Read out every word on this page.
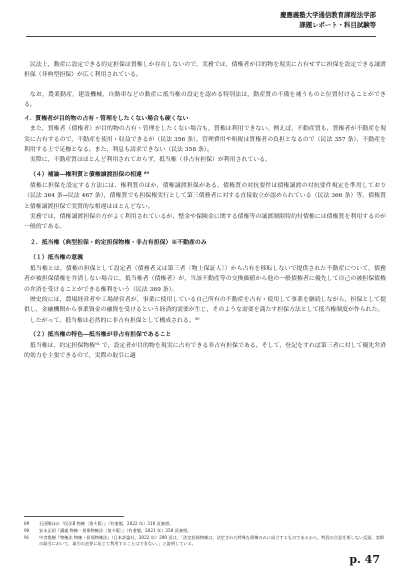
慶應義塾大学通信教育課程法学部
課題レポート・科目試験等

民法上，動産に設定できる約定担保は質権しか存在しないので，実務では，債権者が目的物を現実に占有せずに担保を設定できる譲渡担保（非典型担保）が広く利用されている。

なお，農業動産，建設機械，自動車などの動産に抵当権の設定を認める特別法は，動産質の不備を補うものと位置付けることができる。

イ．質権者が目的物の占有・管理をしたくない場合も硬くない

また，質権者（債権者）が目的物の占有・管理をしたくない場合も，質権は利用できない。例えば，不動産質も，質権者が不動産を現実に占有するので，不動産を使用・収益できるが（民法 356 条），管理費用や租税は質権者の負担となるので（民法 357 条），不動産を利用する上で足枷となる。また，利息も請求できない（民法 358 条）。

実際に，不動産質はほとんど利用されておらず，抵当権（非占有担保）が利用されている。

（４）補論―権利質と債権譲渡担保の相違 ⁸⁹

債権に担保を設定する方法には，権利質のほか，債権譲渡担保がある。債権質の対抗要件は債権譲渡の対抗要件規定を準用しており（民法 364 条→民法 467 条），債権質でも担保権実行として第三債務者に対する直接取立が認められている（民法 366 条）等，債権質と債権譲渡担保で実質的な相違はほとんどない。

実務では，債権譲渡担保の方がよく利用されているが，整金や保険金に関する債権等の譲渡制限特約付債権には債権質を利用するのが一般的である。

２．抵当権（典型担保・約定担保物権・非占有担保）※不動産のみ

（１）抵当権の意義

抵当権とは，債権の担保として設定者（債務者又は第三者〔物上保証人〕）から占有を移転しないで提供された不動産について，債務者が被担保債権を弁済しない場合に，抵当権者（債権者）が，当該不動産等の交換価値から他の一般債権者に優先して自己の被担保債権の弁済を受けることができる権利をいう（民法 369 条）。

歴史的には，農場経営者や工場経営者が，事業に使用している自己所有の不動産を占有・使用して事業を継続しながら，担保として提供し，金融機関から事業資金の融資を受けるという経済的需要が生じ，そのような需要を満たす担保方法として抵当権制度が作られた。

したがって，抵当権は必然的に非占有担保として構成される。⁹⁰

（２）抵当権の特色―抵当権が非占有担保であること

抵当権は，約定担保物権⁹¹ で，設定者が目的物を現実に占有できる非占有担保である。そして，登記をすれば第三者に対して優先弁済的効力を主張できるので，実際の取引に適

89	石田剛ほか『民法Ⅱ 物権〔第４版〕』（有斐閣，2022 年）316 頁参照。
90	安永正昭『講義 物権・担保物権法〔第４版〕』（有斐閣，2021 年）258 頁参照。
91	中舎寛樹『物権法 物権・担保物権法』（日本評論社，2022 年）290 頁は，「法定担保物権は，法定された特殊な債権のみに成立するものであるから，特段の合意を要しない反面，実際の取引において，取引の必要に応じて利用することはできない。」と説明している。
p. 47
